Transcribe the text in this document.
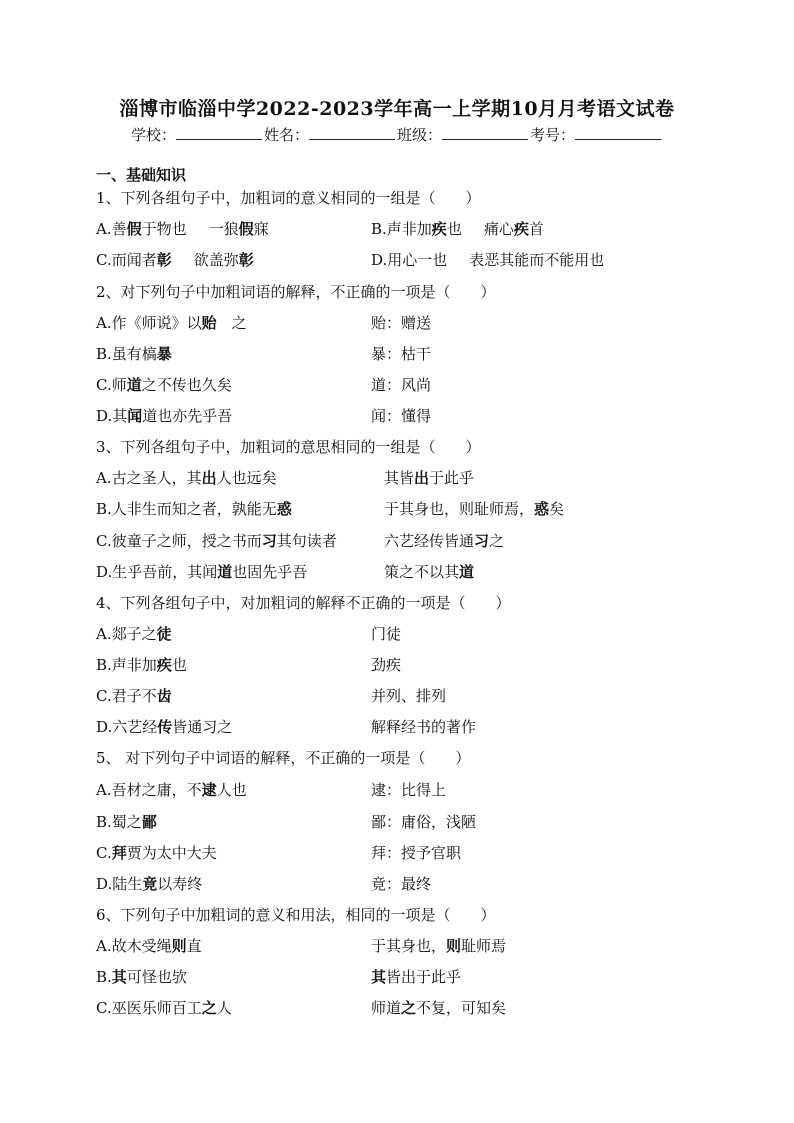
淄博市临淄中学2022-2023学年高一上学期10月月考语文试卷
学校：	姓名：	班级：	考号：
一、基础知识
1、下列各组句子中，加粗词的意义相同的一组是（　　）
A.善假于物也 一狼假寐	B.声非加疾也 痛心疾首
C.而闻者彰 欲盖弥彰	D.用心一也 表恶其能而不能用也
2、对下列句子中加粗词语的解释，不正确的一项是（　　）
A.作《师说》以贻　之	贻：赠送
B.虽有槁暴	暴：枯干
C.师道之不传也久矣	道：风尚
D.其闻道也亦先乎吾	闻：懂得
3、下列各组句子中，加粗词的意思相同的一组是（　　）
A.古之圣人，其出人也远矣	其皆出于此乎
B.人非生而知之者，孰能无惑	于其身也，则耻师焉，惑矣
C.彼童子之师，授之书而习其句读者	六艺经传皆通习之
D.生乎吾前，其闻道也固先乎吾	策之不以其道
4、下列各组句子中，对加粗词的解释不正确的一项是（　　）
A.郯子之徒	门徒
B.声非加疾也	劲疾
C.君子不齿	并列、排列
D.六艺经传皆通习之	解释经书的著作
5、 对下列句子中词语的解释，不正确的一项是（　　）
A.吾材之庸，不逮人也	逮：比得上
B.蜀之鄙	鄙：庸俗，浅陋
C.拜贾为太中大夫	拜：授予官职
D.陆生竟以寿终	竟：最终
6、下列句子中加粗词的意义和用法，相同的一项是（　　）
A.故木受绳则直	于其身也，则耻师焉
B.其可怪也欤	其皆出于此乎
C.巫医乐师百工之人	师道之不复，可知矣
